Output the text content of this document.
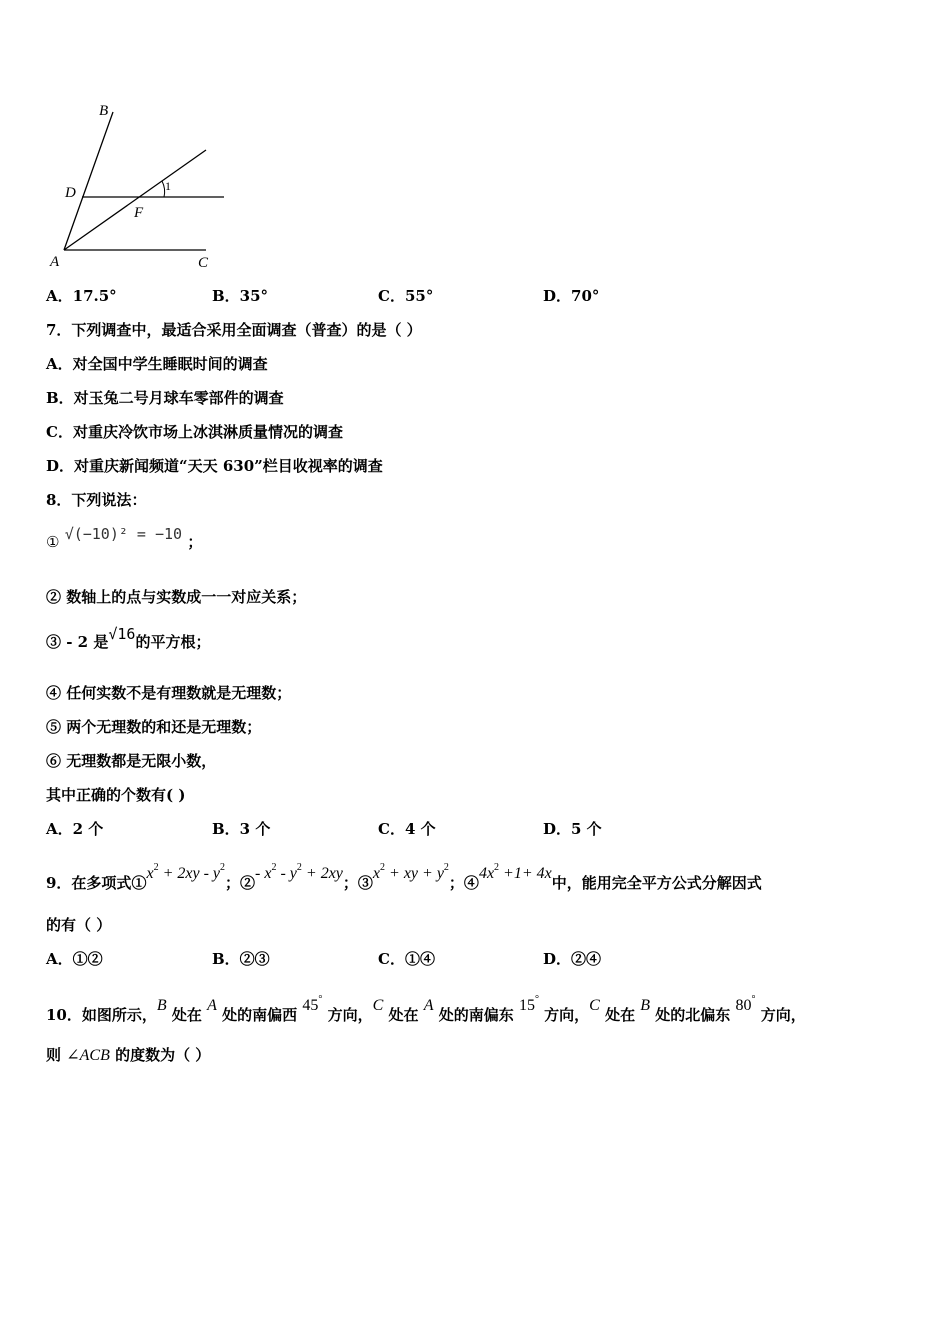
B
D
F
1
A	C
A．17.5°	B．35°	C．55°	D．70°
7．下列调查中，最适合采用全面调查（普查）的是（ ）
A．对全国中学生睡眠时间的调查
B．对玉兔二号月球车零部件的调查
C．对重庆冷饮市场上冰淇淋质量情况的调查
D．对重庆新闻频道“天天 630”栏目收视率的调查
8．下列说法：
① √(−10)² = −10 ；
② 数轴上的点与实数成一一对应关系；
③ - 2 是√16的平方根；
④ 任何实数不是有理数就是无理数；
⑤ 两个无理数的和还是无理数；
⑥ 无理数都是无限小数，
其中正确的个数有( )
A．2 个	B．3 个	C．4 个	D．5 个
9．在多项式$①x^2 + 2xy - y^2$；②- $x^2 - y^2 + 2xy$；$③x^2$ + xy + $y^2$；$④4x^2 +1+ 4x$中，能用完全平方公式分解因式
的有（ ）
A．①②	B．②③	C．①④	D．②④
10．如图所示，B 处在 A 处的南偏西 45° 方向，C 处在 A 处的南偏东 15° 方向，C 处在 B 处的北偏东 80° 方向，
则 ∠ACB 的度数为（ ）
